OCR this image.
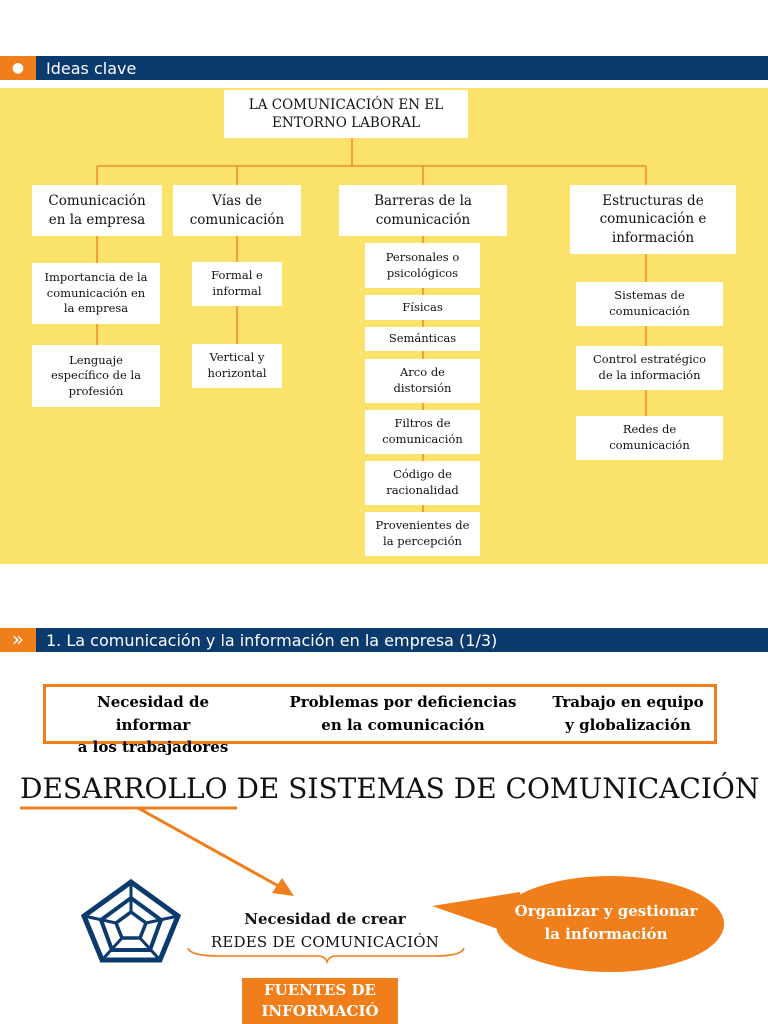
●	Ideas clave
LA COMUNICACIÓN EN EL
ENTORNO LABORAL
Comunicación
en la empresa
Importancia de la
comunicación en
la empresa
Lenguaje
específico de la
profesión
Vías de
comunicación
Formal e
informal
Vertical y
horizontal
Barreras de la
comunicación
Personales o
psicológicos
Físicas
Semánticas
Arco de
distorsión
Filtros de
comunicación
Código de
racionalidad
Provenientes de
la percepción
Estructuras de
comunicación e
información
Sistemas de
comunicación
Control estratégico
de la información
Redes de
comunicación
»	1. La comunicación y la información en la empresa (1/3)
Necesidad de informar
a los trabajadores
Problemas por deficiencias
en la comunicación
Trabajo en equipo
y globalización
DESARROLLO DE SISTEMAS DE COMUNICACIÓN
Necesidad de crear
REDES DE COMUNICACIÓN
Organizar y gestionar
la información
FUENTES DE
INFORMACIÓ
